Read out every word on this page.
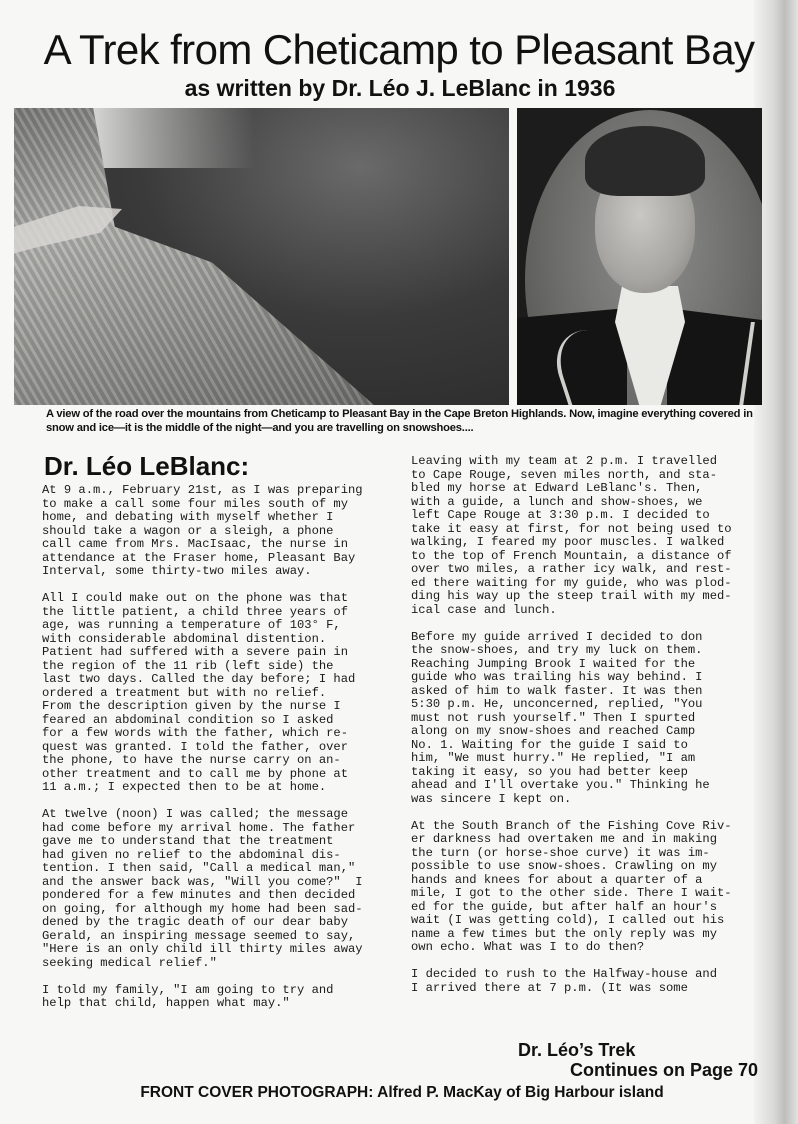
A Trek from Cheticamp to Pleasant Bay
as written by Dr. Léo J. LeBlanc in 1936

A view of the road over the mountains from Cheticamp to Pleasant Bay in the Cape Breton Highlands. Now, imagine everything covered in snow and ice—it is the middle of the night—and you are travelling on snowshoes....

Dr. Léo LeBlanc:

At 9 a.m., February 21st, as I was preparing
to make a call some four miles south of my
home, and debating with myself whether I
should take a wagon or a sleigh, a phone
call came from Mrs. MacIsaac, the nurse in
attendance at the Fraser home, Pleasant Bay
Interval, some thirty-two miles away.

All I could make out on the phone was that
the little patient, a child three years of
age, was running a temperature of 103° F,
with considerable abdominal distention.
Patient had suffered with a severe pain in
the region of the 11 rib (left side) the
last two days. Called the day before; I had
ordered a treatment but with no relief.
From the description given by the nurse I
feared an abdominal condition so I asked
for a few words with the father, which re-
quest was granted. I told the father, over
the phone, to have the nurse carry on an-
other treatment and to call me by phone at
11 a.m.; I expected then to be at home.

At twelve (noon) I was called; the message
had come before my arrival home. The father
gave me to understand that the treatment
had given no relief to the abdominal dis-
tention. I then said, "Call a medical man,"
and the answer back was, "Will you come?"  I
pondered for a few minutes and then decided
on going, for although my home had been sad-
dened by the tragic death of our dear baby
Gerald, an inspiring message seemed to say,
"Here is an only child ill thirty miles away
seeking medical relief."

I told my family, "I am going to try and
help that child, happen what may."

Leaving with my team at 2 p.m. I travelled
to Cape Rouge, seven miles north, and sta-
bled my horse at Edward LeBlanc's. Then,
with a guide, a lunch and show-shoes, we
left Cape Rouge at 3:30 p.m. I decided to
take it easy at first, for not being used to
walking, I feared my poor muscles. I walked
to the top of French Mountain, a distance of
over two miles, a rather icy walk, and rest-
ed there waiting for my guide, who was plod-
ding his way up the steep trail with my med-
ical case and lunch.

Before my guide arrived I decided to don
the snow-shoes, and try my luck on them.
Reaching Jumping Brook I waited for the
guide who was trailing his way behind. I
asked of him to walk faster. It was then
5:30 p.m. He, unconcerned, replied, "You
must not rush yourself." Then I spurted
along on my snow-shoes and reached Camp
No. 1. Waiting for the guide I said to
him, "We must hurry." He replied, "I am
taking it easy, so you had better keep
ahead and I'll overtake you." Thinking he
was sincere I kept on.

At the South Branch of the Fishing Cove Riv-
er darkness had overtaken me and in making
the turn (or horse-shoe curve) it was im-
possible to use snow-shoes. Crawling on my
hands and knees for about a quarter of a
mile, I got to the other side. There I wait-
ed for the guide, but after half an hour's
wait (I was getting cold), I called out his
name a few times but the only reply was my
own echo. What was I to do then?

I decided to rush to the Halfway-house and
I arrived there at 7 p.m. (It was some

Dr. Léo’s Trek
Continues on Page 70

FRONT COVER PHOTOGRAPH: Alfred P. MacKay of Big Harbour island
